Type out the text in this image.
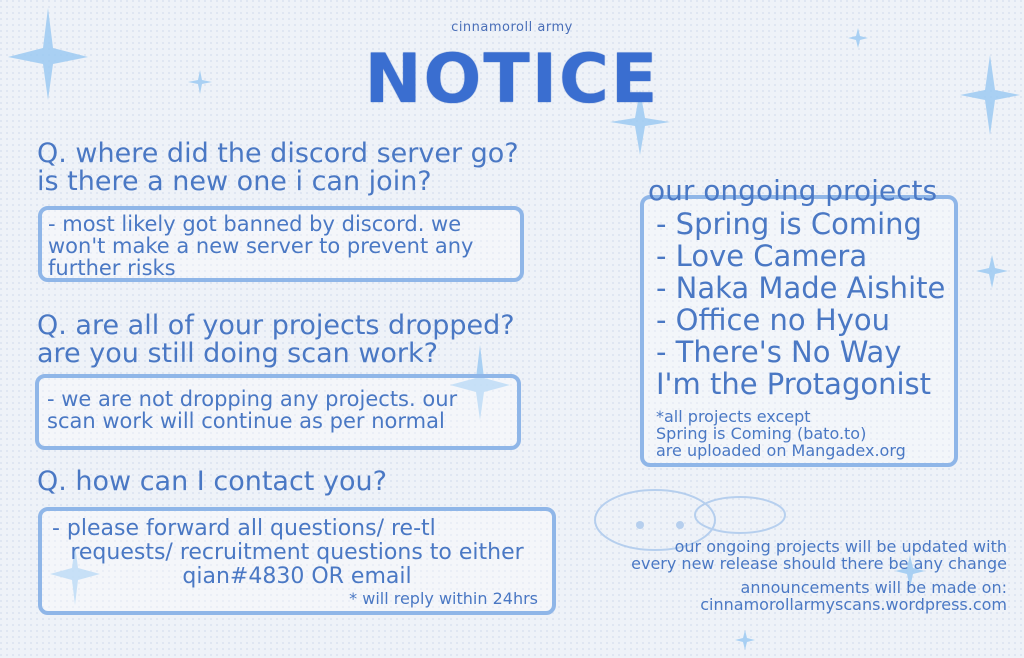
cinnamoroll army
NOTICE
Q. where did the discord server go?
is there a new one i can join?
- most likely got banned by discord. we
won't make a new server to prevent any
further risks
Q. are all of your projects dropped?
are you still doing scan work?
- we are not dropping any projects. our
scan work will continue as per normal
Q. how can I contact you?
- please forward all questions/ re-tl
requests/ recruitment questions to either
qian#4830 OR email
* will reply within 24hrs
our ongoing projects
- Spring is Coming
- Love Camera
- Naka Made Aishite
- Office no Hyou
- There's No Way
I'm the Protagonist
*all projects except
Spring is Coming (bato.to)
are uploaded on Mangadex.org
our ongoing projects will be updated with
every new release should there be any change
announcements will be made on:
cinnamorollarmyscans.wordpress.com
